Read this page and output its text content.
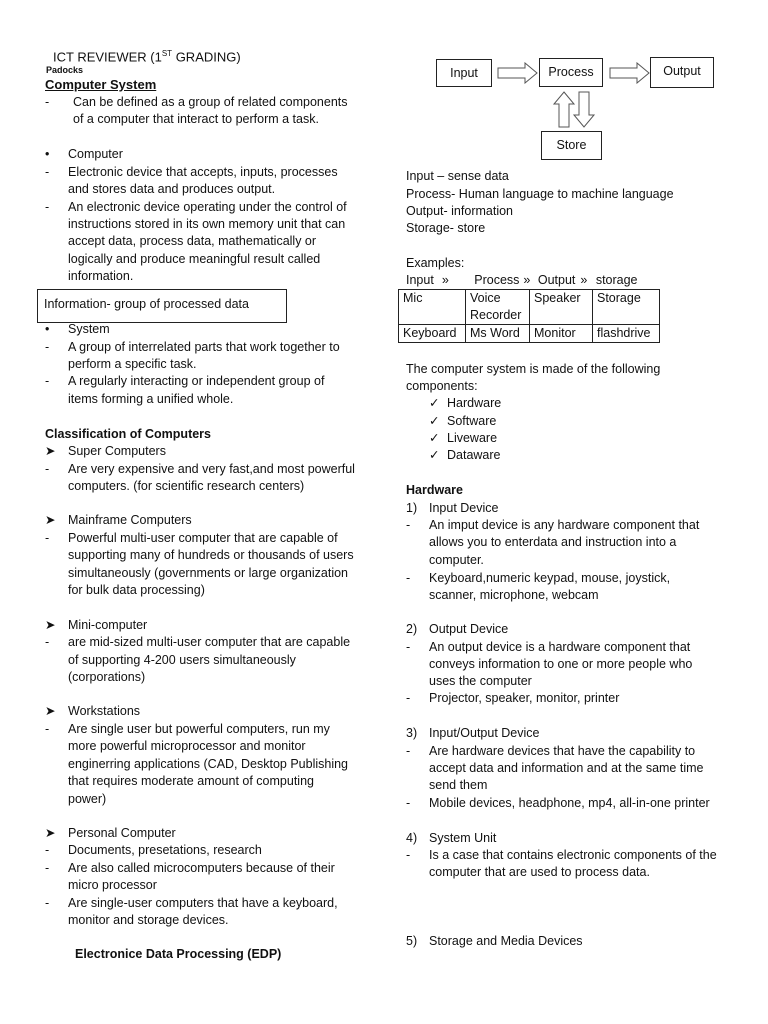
ICT REVIEWER (1ST GRADING)
Padocks
Computer System
- Can be defined as a group of related components
of a computer that interact to perform a task.
• Computer
- Electronic device that accepts, inputs, processes
and stores data and produces output.
- An electronic device operating under the control of
instructions stored in its own memory unit that can
accept data, process data, mathematically or
logically and produce meaningful result called
information.
Information- group of processed data
• System
- A group of interrelated parts that work together to
perform a specific task.
- A regularly interacting or independent group of
items forming a unified whole.
Classification of Computers
➤ Super Computers
- Are very expensive and very fast,and most powerful
computers. (for scientific research centers)
➤ Mainframe Computers
- Powerful multi-user computer that are capable of
supporting many of hundreds or thousands of users
simultaneously (governments or large organization
for bulk data processing)
➤ Mini-computer
- are mid-sized multi-user computer that are capable
of supporting 4-200 users simultaneously
(corporations)
➤ Workstations
- Are single user but powerful computers, run my
more powerful microprocessor and monitor
enginerring applications (CAD, Desktop Publishing
that requires moderate amount of computing
power)
➤ Personal Computer
- Documents, presetations, research
- Are also called microcomputers because of their
micro processor
- Are single-user computers that have a keyboard,
monitor and storage devices.
Electronice Data Processing (EDP)
Input	Process	Output
Store
Input – sense data
Process- Human language to machine language
Output- information
Storage- store
Examples:
Input » Process » Output » storage
Mic	Voice Recorder	Speaker	Storage
Keyboard	Ms Word	Monitor	flashdrive
The computer system is made of the following
components:
✓ Hardware
✓ Software
✓ Liveware
✓ Dataware
Hardware
1) Input Device
- An imput device is any hardware component that
allows you to enterdata and instruction into a
computer.
- Keyboard,numeric keypad, mouse, joystick,
scanner, microphone, webcam
2) Output Device
- An output device is a hardware component that
conveys information to one or more people who
uses the computer
- Projector, speaker, monitor, printer
3) Input/Output Device
- Are hardware devices that have the capability to
accept data and information and at the same time
send them
- Mobile devices, headphone, mp4, all-in-one printer
4) System Unit
- Is a case that contains electronic components of the
computer that are used to process data.
5) Storage and Media Devices
